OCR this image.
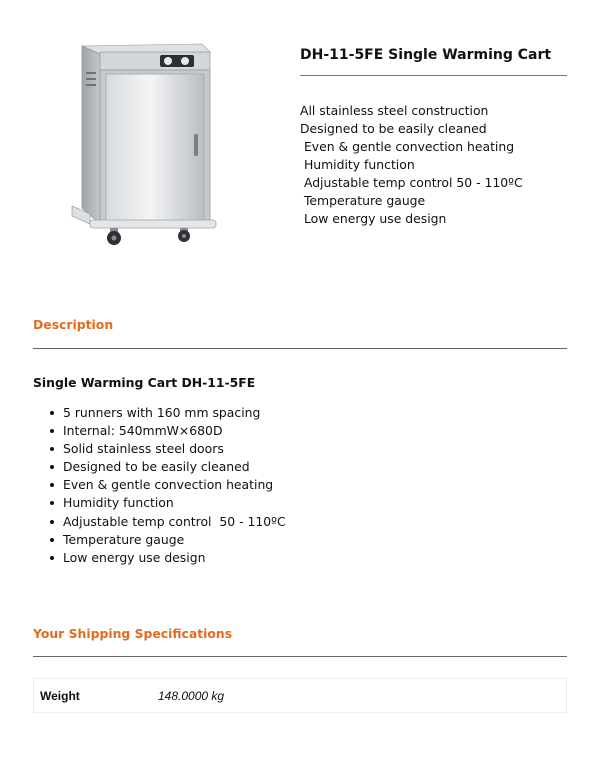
DH-11-5FE Single Warming Cart
All stainless steel construction
Designed to be easily cleaned
Even & gentle convection heating
Humidity function
Adjustable temp control 50 - 110ºC
Temperature gauge
Low energy use design
Description
Single Warming Cart DH-11-5FE
5 runners with 160 mm spacing
Internal: 540mmW×680D
Solid stainless steel doors
Designed to be easily cleaned
Even & gentle convection heating
Humidity function
Adjustable temp control  50 - 110ºC
Temperature gauge
Low energy use design
Your Shipping Specifications
Weight	148.0000 kg
